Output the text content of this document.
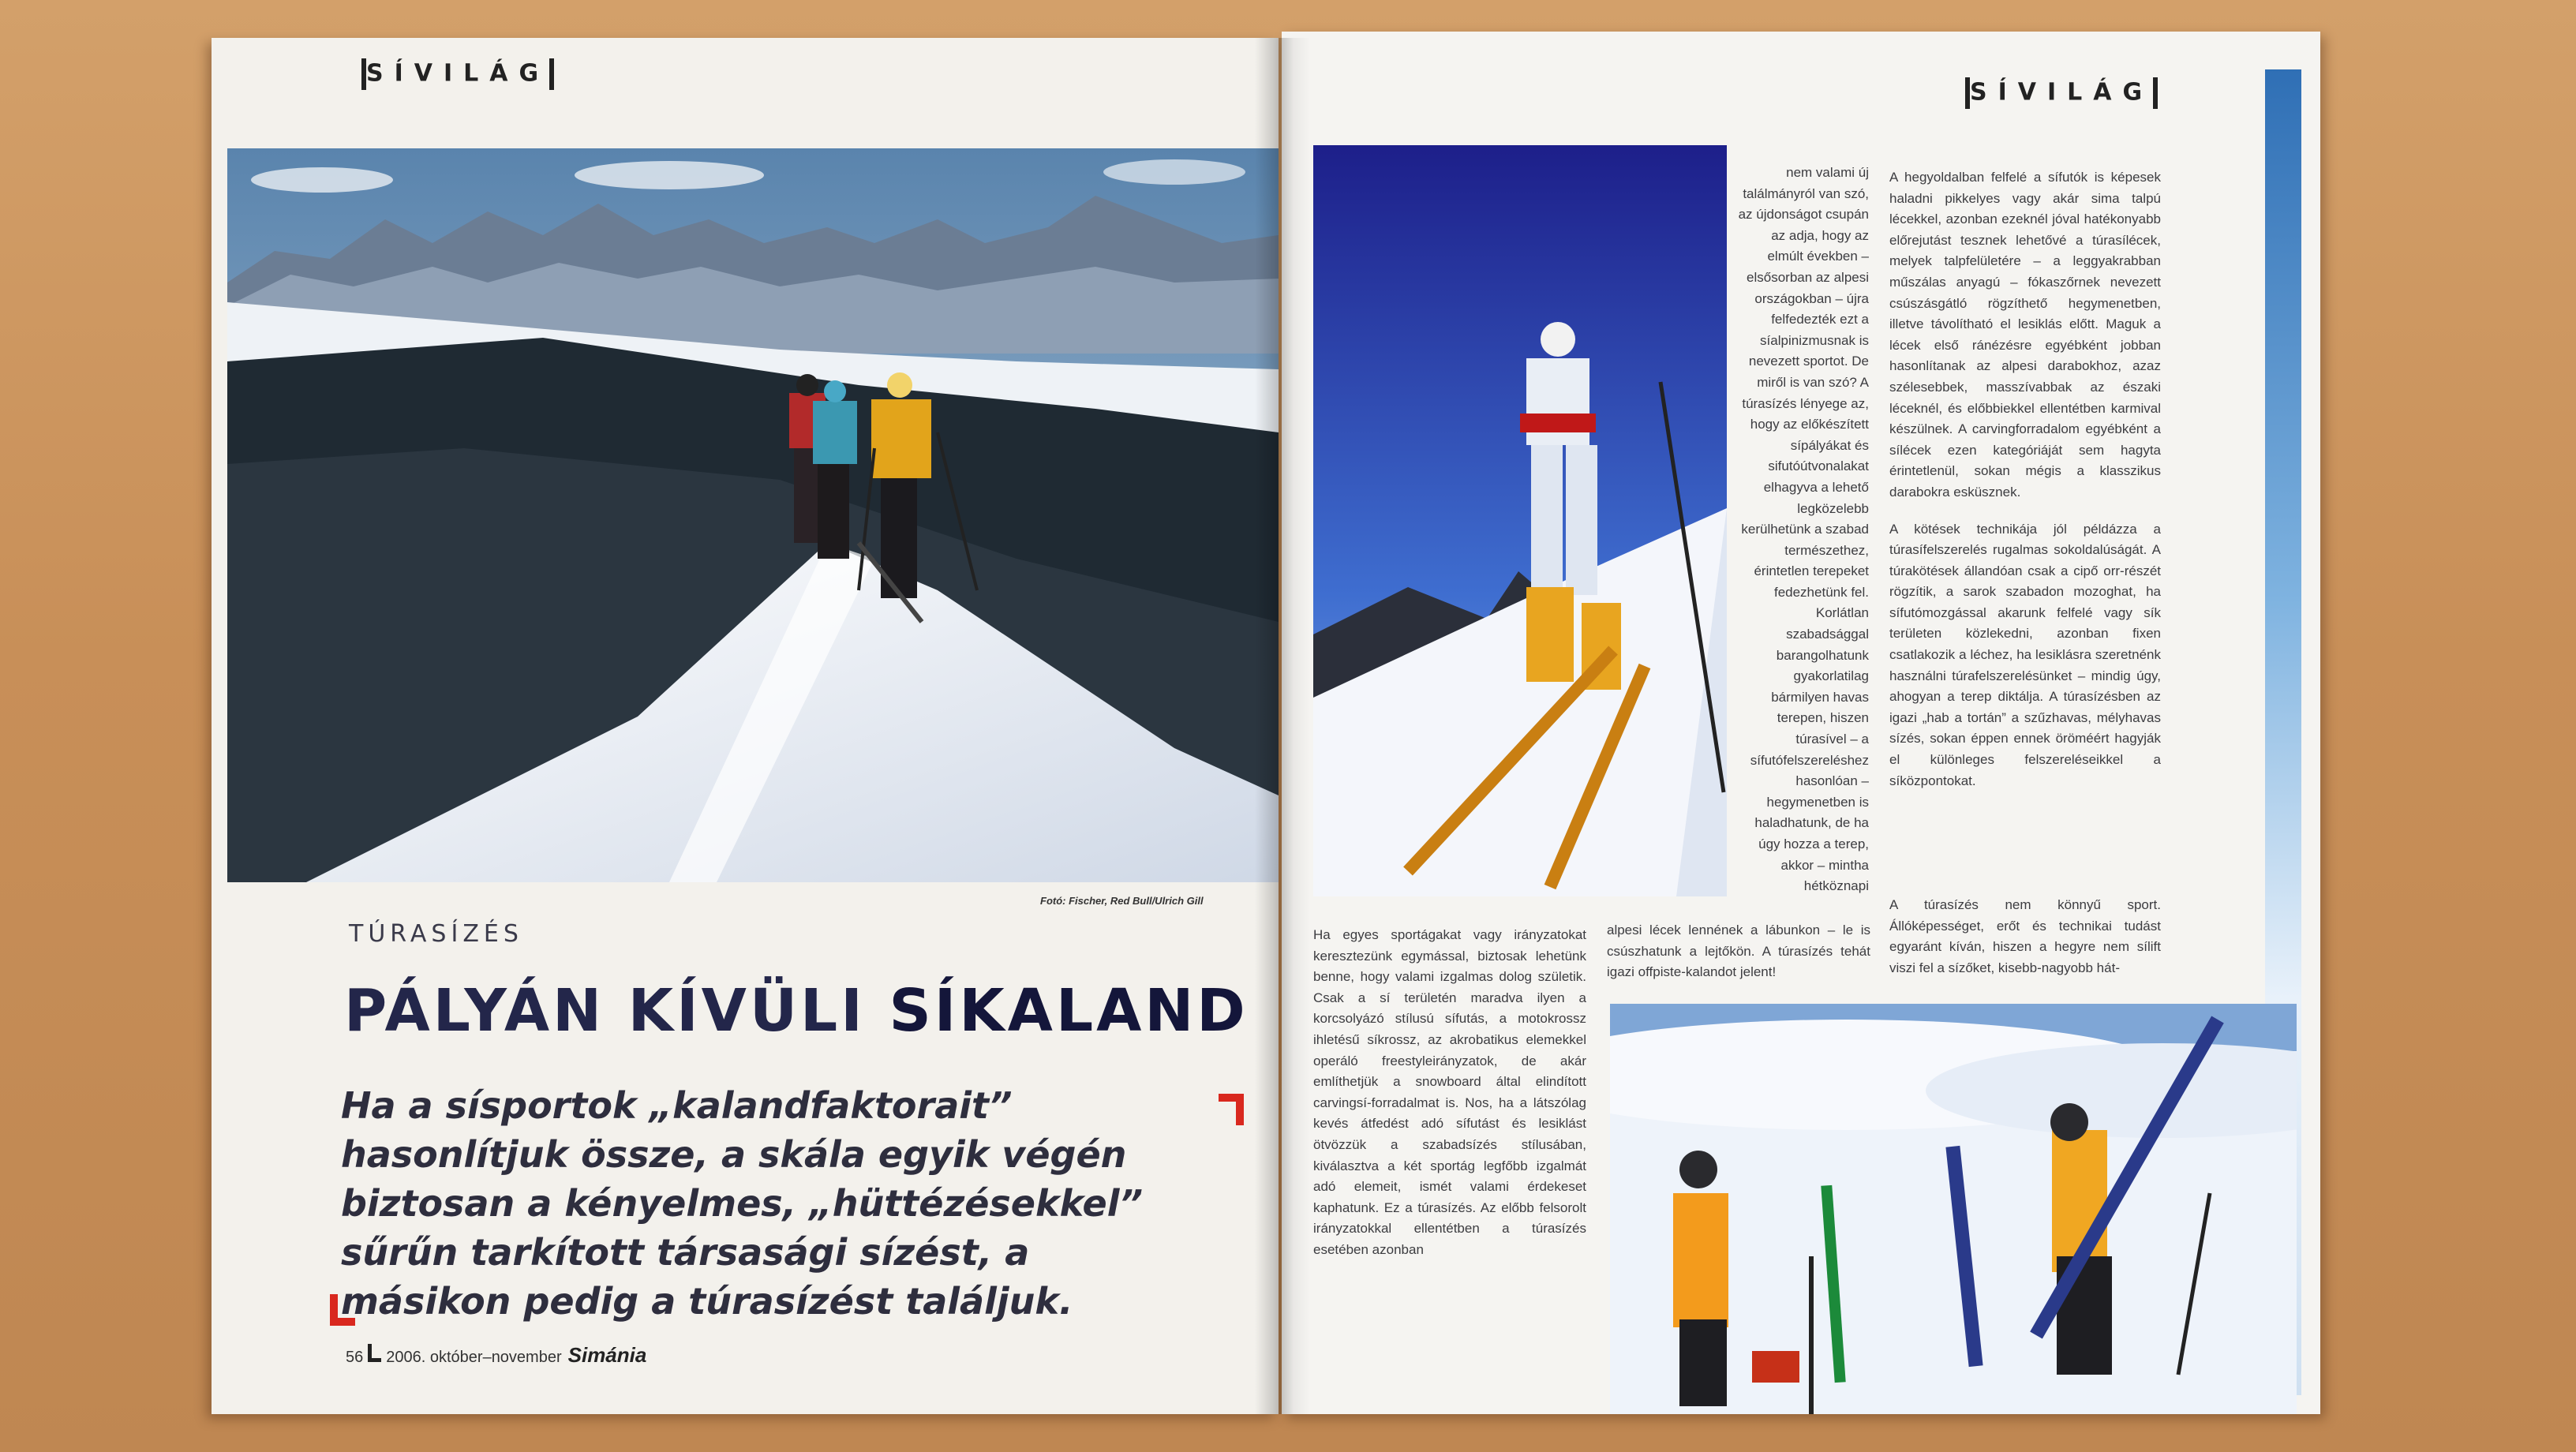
SÍVILÁG
SÍVILÁG
Fotó: Fischer, Red Bull/Ulrich Gill
TÚRASÍZÉS
PÁLYÁN KÍVÜLI SÍKALAND
Ha a sísportok „kalandfaktorait” hasonlítjuk össze, a skála egyik végén biztosan a kényelmes, „hüttézésekkel” sűrűn tarkított társasági sízést, a másikon pedig a túrasízést találjuk.
56 2006. október–november Simánia

nem valami új találmányról van szó, az újdonságot csupán az adja, hogy az elmúlt években – elsősorban az alpesi országokban – újra felfedezték ezt a síalpinizmusnak is nevezett sportot. De miről is van szó? A túrasízés lényege az, hogy az előkészített sípályákat és sifutóútvonalakat elhagyva a lehető legközelebb kerülhetünk a szabad természethez, érintetlen terepeket fedezhetünk fel. Korlátlan szabadsággal barangolhatunk gyakorlatilag bármilyen havas terepen, hiszen túrasível – a sífutófelszereléshez hasonlóan – hegymenetben is haladhatunk, de ha úgy hozza a terep, akkor – mintha hétköznapi

A hegyoldalban felfelé a sífutók is képesek haladni pikkelyes vagy akár sima talpú lécekkel, azonban ezeknél jóval hatékonyabb előrejutást tesznek lehetővé a túrasílécek, melyek talpfelületére – a leggyakrabban műszálas anyagú – fókaszőrnek nevezett csúszásgátló rögzíthető hegymenetben, illetve távolítható el lesiklás előtt. Maguk a lécek első ránézésre egyébként jobban hasonlítanak az alpesi darabokhoz, azaz szélesebbek, masszívabbak az északi léceknél, és előbbiekkel ellentétben karmival készülnek. A carvingforradalom egyébként a sílécek ezen kategóriáját sem hagyta érintetlenül, sokan mégis a klasszikus darabokra esküsznek.

A kötések technikája jól példázza a túrasífelszerelés rugalmas sokoldalúságát. A túrakötések állandóan csak a cipő orr-részét rögzítik, a sarok szabadon mozoghat, ha sífutómozgással akarunk felfelé vagy sík területen közlekedni, azonban fixen csatlakozik a léchez, ha lesiklásra szeretnénk használni túrafelszerelésünket – mindig úgy, ahogyan a terep diktálja. A túrasízésben az igazi „hab a tortán” a szűzhavas, mélyhavas sízés, sokan éppen ennek öröméért hagyják el különleges felszereléseikkel a síközpontokat.

Ha egyes sportágakat vagy irányzatokat keresztezünk egymással, biztosak lehetünk benne, hogy valami izgalmas dolog születik. Csak a sí területén maradva ilyen a korcsolyázó stílusú sífutás, a motokrossz ihletésű síkrossz, az akrobatikus elemekkel operáló freestyleirányzatok, de akár említhetjük a snowboard által elindított carvingsí-forradalmat is. Nos, ha a látszólag kevés átfedést adó sífutást és lesiklást ötvözzük a szabadsízés stílusában, kiválasztva a két sportág legfőbb izgalmát adó elemeit, ismét valami érdekeset kaphatunk. Ez a túrasízés. Az előbb felsorolt irányzatokkal ellentétben a túrasízés esetében azonban

alpesi lécek lennének a lábunkon – le is csúszhatunk a lejtőkön. A túrasízés tehát igazi offpiste-kalandot jelent!

A túrasízés nem könnyű sport. Állóképességet, erőt és technikai tudást egyaránt kíván, hiszen a hegyre nem sílift viszi fel a sízőket, kisebb-nagyobb hát-
